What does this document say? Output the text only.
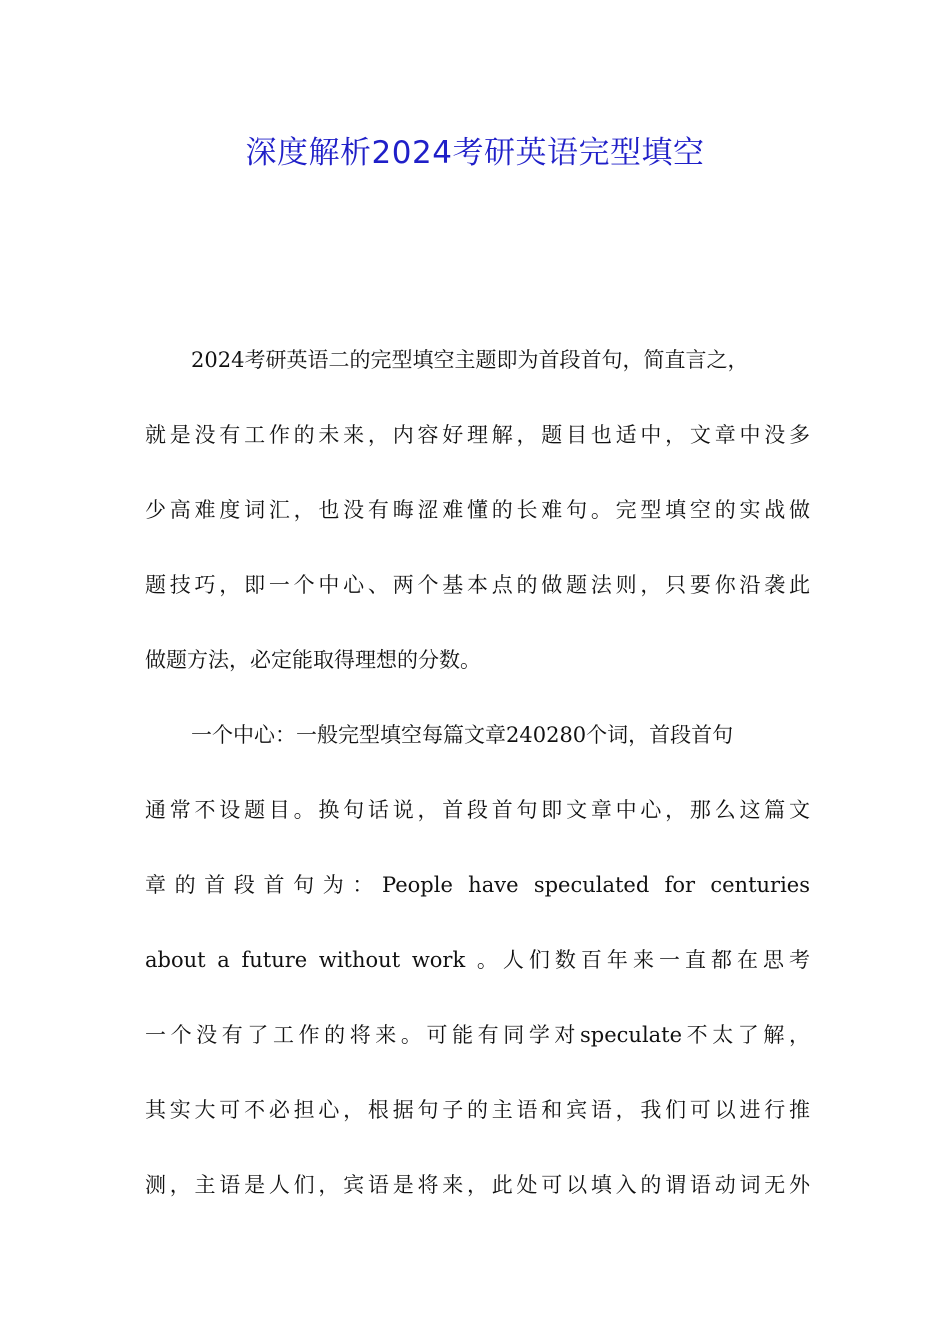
深度解析2024考研英语完型填空
2024考研英语二的完型填空主题即为首段首句，简直言之，
就是没有工作的未来，内容好理解，题目也适中，文章中没多
少高难度词汇，也没有晦涩难懂的长难句。完型填空的实战做
题技巧，即一个中心、两个基本点的做题法则，只要你沿袭此
做题方法，必定能取得理想的分数。
一个中心：一般完型填空每篇文章240280个词，首段首句
通常不设题目。换句话说，首段首句即文章中心，那么这篇文
章的首段首句为：People have speculated for centuries
about a future without work 。人们数百年来一直都在思考
一个没有了工作的将来。可能有同学对speculate不太了解，
其实大可不必担心，根据句子的主语和宾语，我们可以进行推
测，主语是人们，宾语是将来，此处可以填入的谓语动词无外
